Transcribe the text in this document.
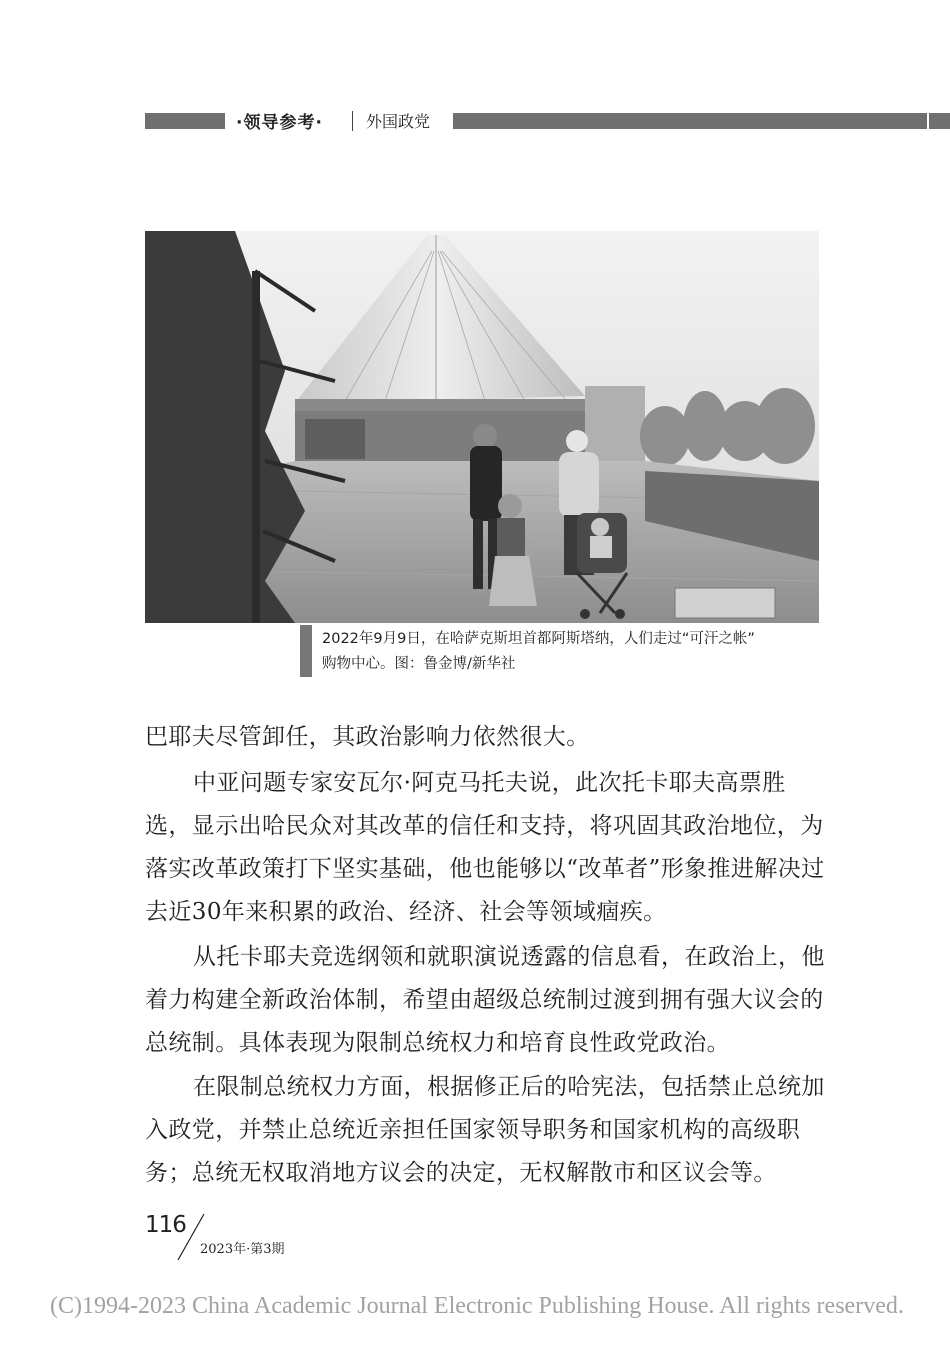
·领导参考·	外国政党
2022年9月9日，在哈萨克斯坦首都阿斯塔纳，人们走过“可汗之帐”
购物中心。图：鲁金博/新华社
巴耶夫尽管卸任，其政治影响力依然很大。
中亚问题专家安瓦尔·阿克马托夫说，此次托卡耶夫高票胜选，显示出哈民众对其改革的信任和支持，将巩固其政治地位，为落实改革政策打下坚实基础，他也能够以“改革者”形象推进解决过去近30年来积累的政治、经济、社会等领域痼疾。
从托卡耶夫竞选纲领和就职演说透露的信息看，在政治上，他着力构建全新政治体制，希望由超级总统制过渡到拥有强大议会的总统制。具体表现为限制总统权力和培育良性政党政治。
在限制总统权力方面，根据修正后的哈宪法，包括禁止总统加入政党，并禁止总统近亲担任国家领导职务和国家机构的高级职务；总统无权取消地方议会的决定，无权解散市和区议会等。
116
2023年·第3期
(C)1994-2023 China Academic Journal Electronic Publishing House. All rights reserved.
